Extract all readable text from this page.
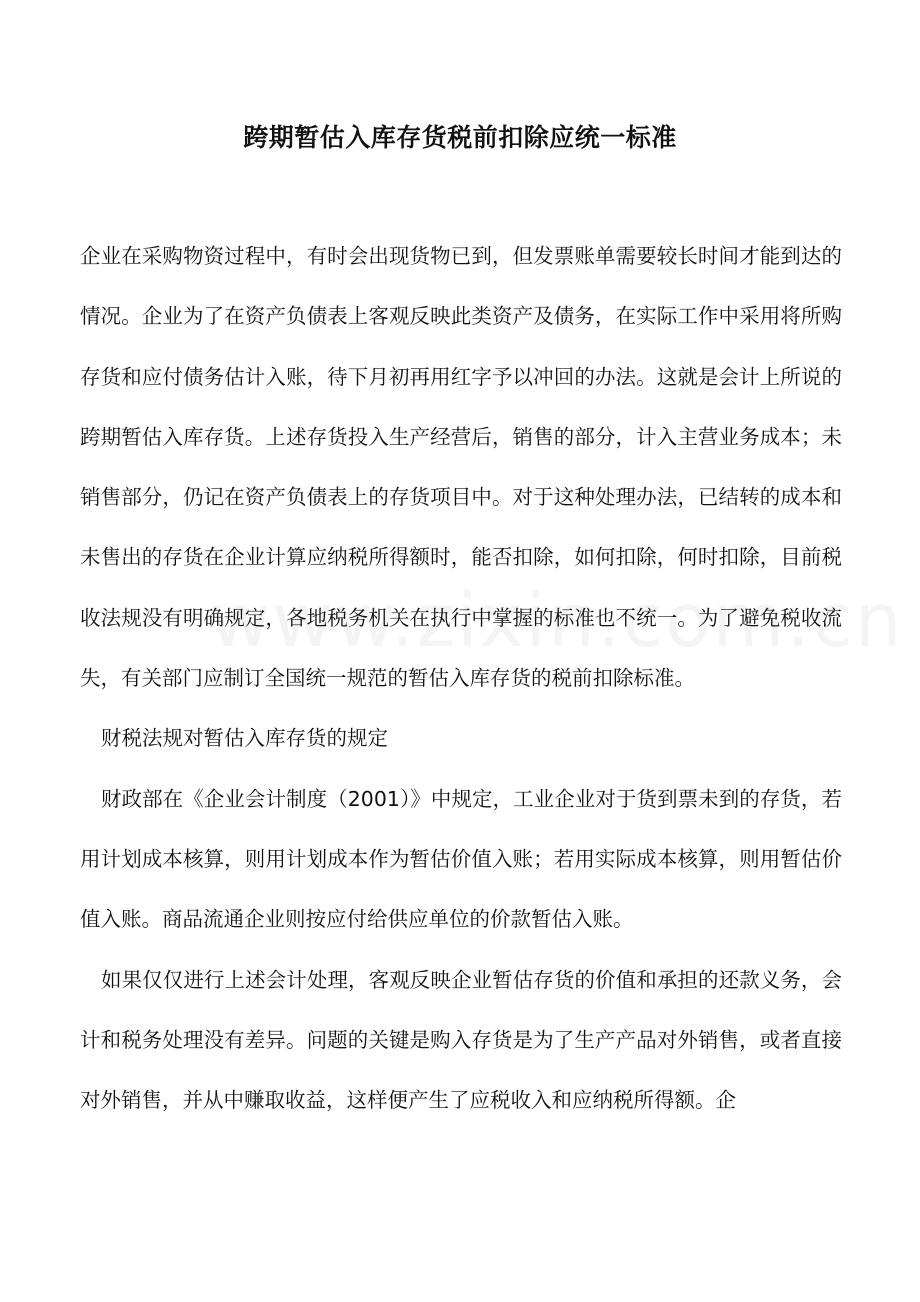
跨期暂估入库存货税前扣除应统一标准

企业在采购物资过程中，有时会出现货物已到，但发票账单需要较长时间才能到达的情况。企业为了在资产负债表上客观反映此类资产及债务，在实际工作中采用将所购存货和应付债务估计入账，待下月初再用红字予以冲回的办法。这就是会计上所说的跨期暂估入库存货。上述存货投入生产经营后，销售的部分，计入主营业务成本；未销售部分，仍记在资产负债表上的存货项目中。对于这种处理办法，已结转的成本和未售出的存货在企业计算应纳税所得额时，能否扣除，如何扣除，何时扣除，目前税收法规没有明确规定，各地税务机关在执行中掌握的标准也不统一。为了避免税收流失，有关部门应制订全国统一规范的暂估入库存货的税前扣除标准。

财税法规对暂估入库存货的规定

财政部在《企业会计制度（2001）》中规定，工业企业对于货到票未到的存货，若用计划成本核算，则用计划成本作为暂估价值入账；若用实际成本核算，则用暂估价值入账。商品流通企业则按应付给供应单位的价款暂估入账。

如果仅仅进行上述会计处理，客观反映企业暂估存货的价值和承担的还款义务，会计和税务处理没有差异。问题的关键是购入存货是为了生产产品对外销售，或者直接对外销售，并从中赚取收益，这样便产生了应税收入和应纳税所得额。企
